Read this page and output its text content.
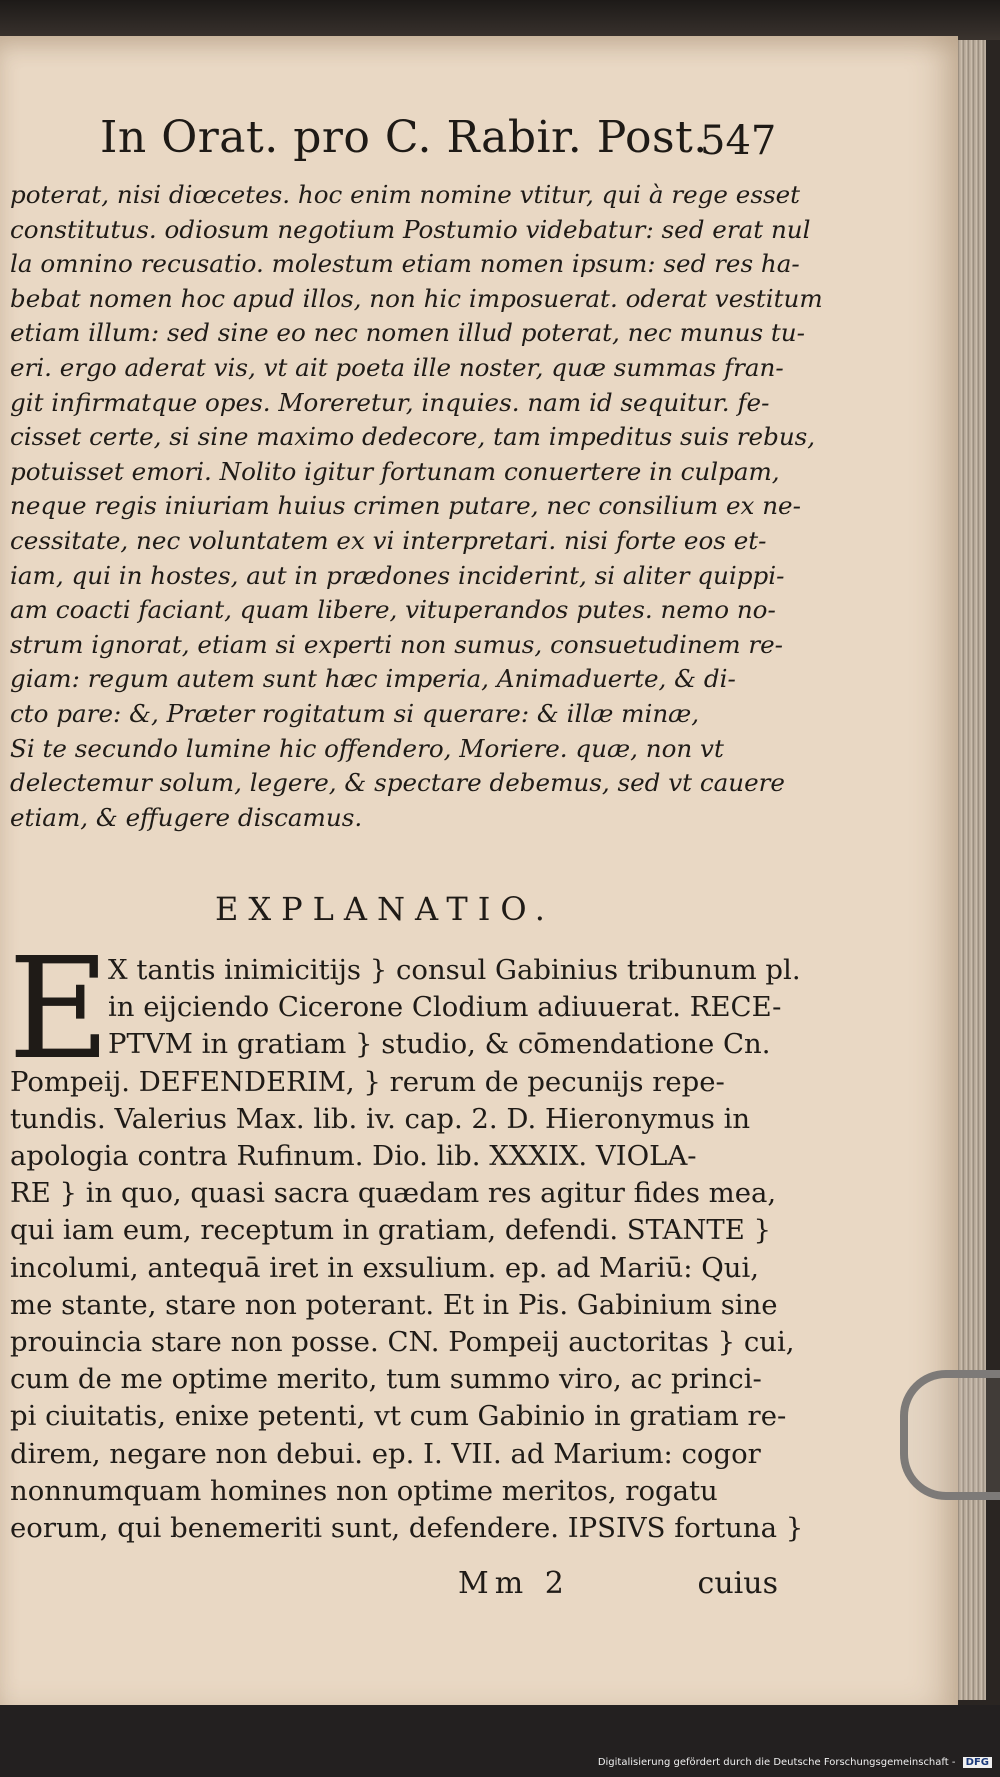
In Orat. pro C. Rabir. Post.
547
poterat, nisi diœcetes. hoc enim nomine vtitur, qui à rege esset
constitutus. odiosum negotium Postumio videbatur: sed erat nul
la omnino recusatio. molestum etiam nomen ipsum: sed res ha-
bebat nomen hoc apud illos, non hic imposuerat. oderat vestitum
etiam illum: sed sine eo nec nomen illud poterat, nec munus tu-
eri. ergo aderat vis, vt ait poeta ille noster, quæ summas fran-
git infirmatque opes. Moreretur, inquies. nam id sequitur. fe-
cisset certe, si sine maximo dedecore, tam impeditus suis rebus,
potuisset emori. Nolito igitur fortunam conuertere in culpam,
neque regis iniuriam huius crimen putare, nec consilium ex ne-
cessitate, nec voluntatem ex vi interpretari. nisi forte eos et-
iam, qui in hostes, aut in prædones inciderint, si aliter quippi-
am coacti faciant, quam libere, vituperandos putes. nemo no-
strum ignorat, etiam si experti non sumus, consuetudinem re-
giam: regum autem sunt hæc imperia, Animaduerte, & di-
cto pare: &, Præter rogitatum si querare: & illæ minæ,
Si te secundo lumine hic offendero, Moriere. quæ, non vt
delectemur solum, legere, & spectare debemus, sed vt cauere
etiam, & effugere discamus.
EXPLANATIO.
E
X tantis inimicitijs } consul Gabinius tribunum pl.
in eijciendo Cicerone Clodium adiuuerat. RECE-
PTVM in gratiam } studio, & cōmendatione Cn.
Pompeij. DEFENDERIM, } rerum de pecunijs repe-
tundis. Valerius Max. lib. iv. cap. 2. D. Hieronymus in
apologia contra Rufinum. Dio. lib. XXXIX. VIOLA-
RE } in quo, quasi sacra quædam res agitur fides mea,
qui iam eum, receptum in gratiam, defendi. STANTE }
incolumi, antequā iret in exsulium. ep. ad Mariū: Qui,
me stante, stare non poterant. Et in Pis. Gabinium sine
prouincia stare non posse. CN. Pompeij auctoritas } cui,
cum de me optime merito, tum summo viro, ac princi-
pi ciuitatis, enixe petenti, vt cum Gabinio in gratiam re-
direm, negare non debui. ep. I. VII. ad Marium: cogor
nonnumquam homines non optime meritos, rogatu
eorum, qui benemeriti sunt, defendere. IPSIVS fortuna }
Mm 2	cuius
Digitalisierung gefördert durch die Deutsche Forschungsgemeinschaft - DFG
